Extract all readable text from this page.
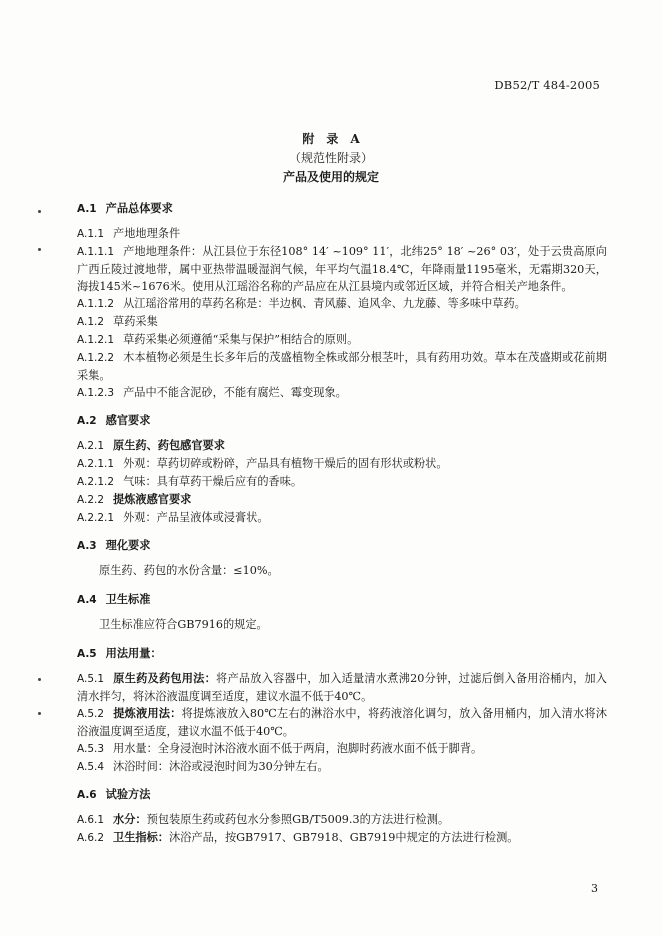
DB52/T 484-2005
附　录　A
（规范性附录）
产品及使用的规定
A.1 产品总体要求

A.1.1 产地地理条件

A.1.1.1 产地地理条件：从江县位于东径108° 14′ ~109° 11′，北纬25° 18′ ~26° 03′，处于云贵高原向广西丘陵过渡地带，属中亚热带温暖湿润气候，年平均气温18.4℃，年降雨量1195毫米，无霜期320天，海拔145米~1676米。使用从江瑶浴名称的产品应在从江县境内或邻近区域，并符合相关产地条件。

A.1.1.2 从江瑶浴常用的草药名称是：半边枫、青风藤、追风伞、九龙藤、等多味中草药。

A.1.2 草药采集

A.1.2.1 草药采集必须遵循“采集与保护”相结合的原则。

A.1.2.2 木本植物必须是生长多年后的茂盛植物全株或部分根茎叶，具有药用功效。草本在茂盛期或花前期采集。

A.1.2.3 产品中不能含泥砂，不能有腐烂、霉变现象。

A.2 感官要求

A.2.1 原生药、药包感官要求

A.2.1.1 外观：草药切碎或粉碎，产品具有植物干燥后的固有形状或粉状。

A.2.1.2 气味：具有草药干燥后应有的香味。

A.2.2 提炼液感官要求

A.2.2.1 外观：产品呈液体或浸膏状。

A.3 理化要求

原生药、药包的水份含量：≤10%。

A.4 卫生标准

卫生标准应符合GB7916的规定。

A.5 用法用量：

A.5.1 原生药及药包用法：将产品放入容器中，加入适量清水煮沸20分钟，过滤后倒入备用浴桶内，加入清水拌匀，将沐浴液温度调至适度，建议水温不低于40℃。

A.5.2 提炼液用法：将提炼液放入80℃左右的淋浴水中，将药液溶化调匀，放入备用桶内，加入清水将沐浴液温度调至适度，建议水温不低于40℃。

A.5.3 用水量：全身浸泡时沐浴液水面不低于两肩，泡脚时药液水面不低于脚背。

A.5.4 沐浴时间：沐浴或浸泡时间为30分钟左右。

A.6 试验方法

A.6.1 水分：预包装原生药或药包水分参照GB/T5009.3的方法进行检测。

A.6.2 卫生指标：沐浴产品，按GB7917、GB7918、GB7919中规定的方法进行检测。

3
